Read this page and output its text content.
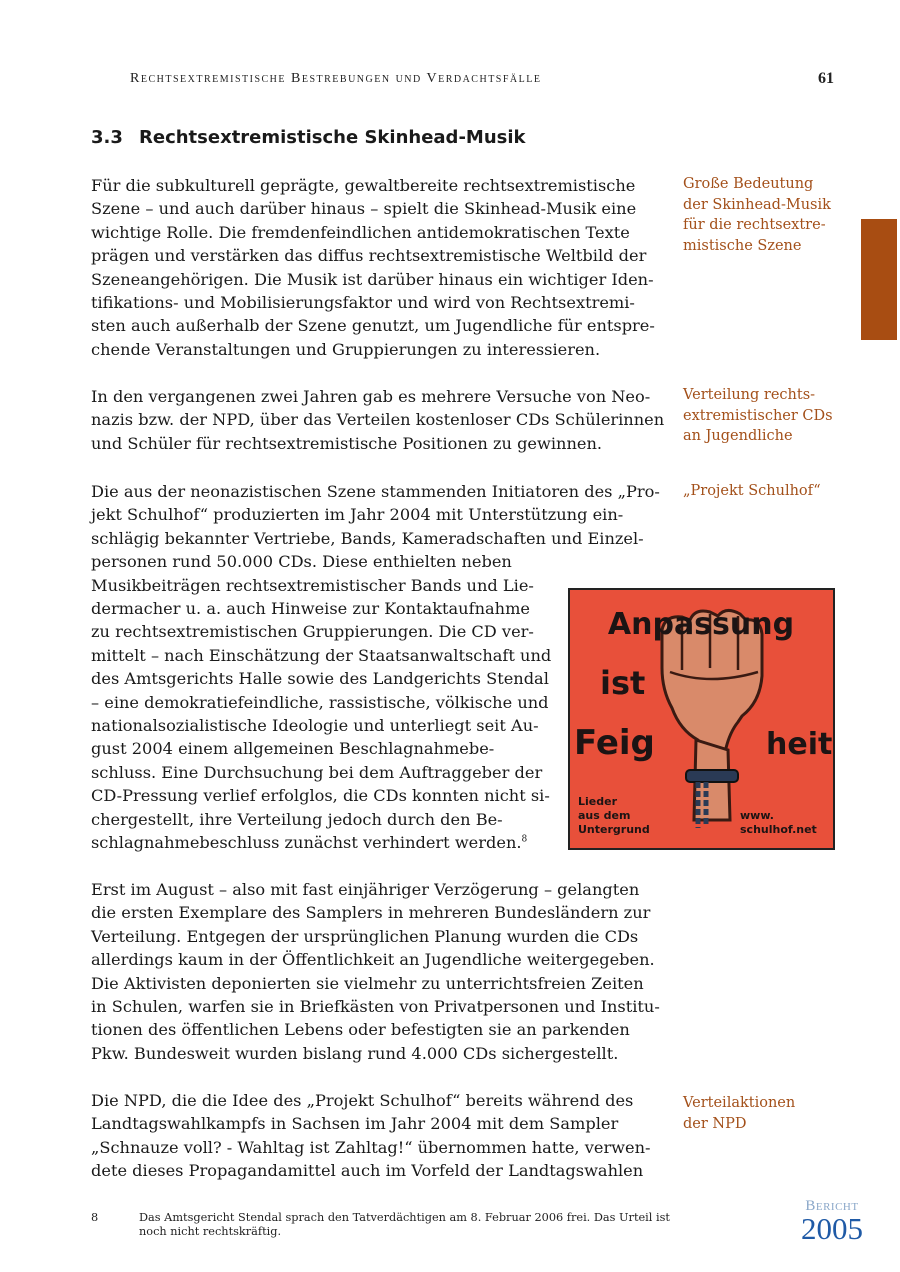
Rechtsextremistische Bestrebungen und Verdachtsfälle	61
3.3 Rechtsextremistische Skinhead-Musik
Für die subkulturell geprägte, gewaltbereite rechtsextremistische
Szene – und auch darüber hinaus – spielt die Skinhead-Musik eine
wichtige Rolle. Die fremdenfeindlichen antidemokratischen Texte
prägen und verstärken das diffus rechtsextremistische Weltbild der
Szeneangehörigen. Die Musik ist darüber hinaus ein wichtiger Iden-
tifikations- und Mobilisierungsfaktor und wird von Rechtsextremi-
sten auch außerhalb der Szene genutzt, um Jugendliche für entspre-
chende Veranstaltungen und Gruppierungen zu interessieren.
In den vergangenen zwei Jahren gab es mehrere Versuche von Neo-
nazis bzw. der NPD, über das Verteilen kostenloser CDs Schülerinnen
und Schüler für rechtsextremistische Positionen zu gewinnen.
Die aus der neonazistischen Szene stammenden Initiatoren des „Pro-
jekt Schulhof“ produzierten im Jahr 2004 mit Unterstützung ein-
schlägig bekannter Vertriebe, Bands, Kameradschaften und Einzel-
personen rund 50.000 CDs. Diese enthielten neben
Musikbeiträgen rechtsextremistischer Bands und Lie-
dermacher u. a. auch Hinweise zur Kontaktaufnahme
zu rechtsextremistischen Gruppierungen. Die CD ver-
mittelt – nach Einschätzung der Staatsanwaltschaft und
des Amtsgerichts Halle sowie des Landgerichts Stendal
– eine demokratiefeindliche, rassistische, völkische und
nationalsozialistische Ideologie und unterliegt seit Au-
gust 2004 einem allgemeinen Beschlagnahmebe-
schluss. Eine Durchsuchung bei dem Auftraggeber der
CD-Pressung verlief erfolglos, die CDs konnten nicht si-
chergestellt, ihre Verteilung jedoch durch den Be-
schlagnahmebeschluss zunächst verhindert werden.$^8$
Erst im August – also mit fast einjähriger Verzögerung – gelangten
die ersten Exemplare des Samplers in mehreren Bundesländern zur
Verteilung. Entgegen der ursprünglichen Planung wurden die CDs
allerdings kaum in der Öffentlichkeit an Jugendliche weitergegeben.
Die Aktivisten deponierten sie vielmehr zu unterrichtsfreien Zeiten
in Schulen, warfen sie in Briefkästen von Privatpersonen und Institu-
tionen des öffentlichen Lebens oder befestigten sie an parkenden
Pkw. Bundesweit wurden bislang rund 4.000 CDs sichergestellt.
Die NPD, die die Idee des „Projekt Schulhof“ bereits während des
Landtagswahlkampfs in Sachsen im Jahr 2004 mit dem Sampler
„Schnauze voll? - Wahltag ist Zahltag!“ übernommen hatte, verwen-
dete dieses Propagandamittel auch im Vorfeld der Landtagswahlen
Große Bedeutung
der Skinhead-Musik
für die rechtsextre-
mistische Szene
Verteilung rechts-
extremistischer CDs
an Jugendliche
„Projekt Schulhof“
Verteilaktionen
der NPD
Anpassung
ist
Feig	heit
Lieder
aus dem
Untergrund
www.
schulhof.net
8	Das Amtsgericht Stendal sprach den Tatverdächtigen am 8. Februar 2006 frei. Das Urteil ist
noch nicht rechtskräftig.
Bericht
2005
